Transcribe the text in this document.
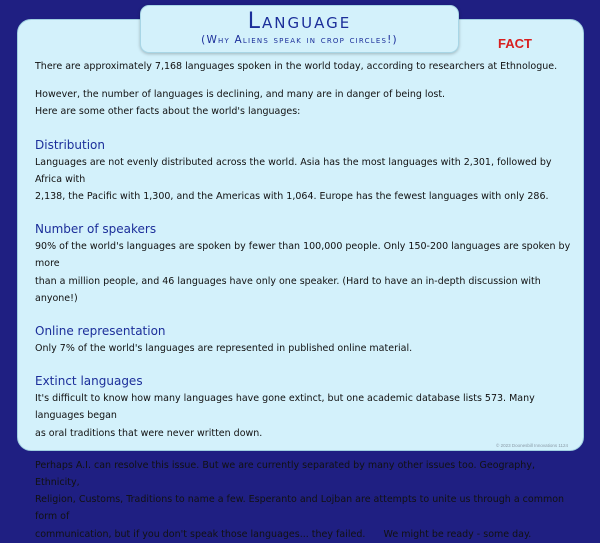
Language
(Why Aliens speak in crop circles!)	FACT

There are approximately 7,168 languages spoken in the world today, according to researchers at Ethnologue.

However, the number of languages is declining, and many are in danger of being lost.

Here are some other facts about the world's languages:

Distribution

Languages are not evenly distributed across the world. Asia has the most languages with 2,301, followed by Africa with

2,138, the Pacific with 1,300, and the Americas with 1,064. Europe has the fewest languages with only 286.

Number of speakers

90% of the world's languages are spoken by fewer than 100,000 people. Only 150-200 languages are spoken by more

than a million people, and 46 languages have only one speaker. (Hard to have an in-depth discussion with anyone!)

Online representation

Only 7% of the world's languages are represented in published online material.

Extinct languages

It's difficult to know how many languages have gone extinct, but one academic database lists 573. Many languages began

as oral traditions that were never written down.

Perhaps A.I. can resolve this issue. But we are currently separated by many other issues too. Geography, Ethnicity,

Religion, Customs, Traditions to name a few. Esperanto and Lojban are attempts to unite us through a common form of

communication, but if you don't speak those languages... they failed.      We might be ready - some day.

© 2023 Doonesbill Innovations 1124
